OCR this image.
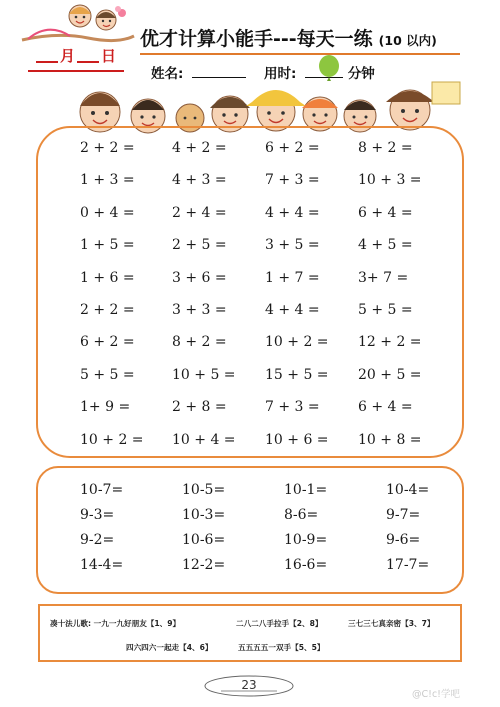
月 日
优才计算小能手---每天一练 (10 以内)
姓名:	用时:	分钟
2 + 2 =	4 + 2 =	6 + 2 =	8 + 2 =
1 + 3 =	4 + 3 =	7 + 3 =	10 + 3 =
0 + 4 =	2 + 4 =	4 + 4 =	6 + 4 =
1 + 5 =	2 + 5 =	3 + 5 =	4 + 5 =
1 + 6 =	3 + 6 =	1 + 7 =	3+ 7 =
2 + 2 =	3 + 3 =	4 + 4 =	5 + 5 =
6 + 2 =	8 + 2 =	10 + 2 = 12 + 2 =
5 + 5 =	10 + 5 = 15 + 5 = 20 + 5 =
1+ 9 =	2 + 8 =	7 + 3 =	6 + 4 =
10 + 2 = 10 + 4 = 10 + 6 = 10 + 8 =
10-7=	10-5=	10-1=	10-4=
9-3=	10-3=	8-6=	9-7=
9-2=	10-6=	10-9=	9-6=
14-4=	12-2=	16-6=	17-7=
凑十法儿歌: 一九一九好朋友【1、9】	二八二八手拉手【2、8】	三七三七真亲密【3、7】
四六四六一起走【4、6】	五五五五一双手【5、5】
23
@C!c!学吧
